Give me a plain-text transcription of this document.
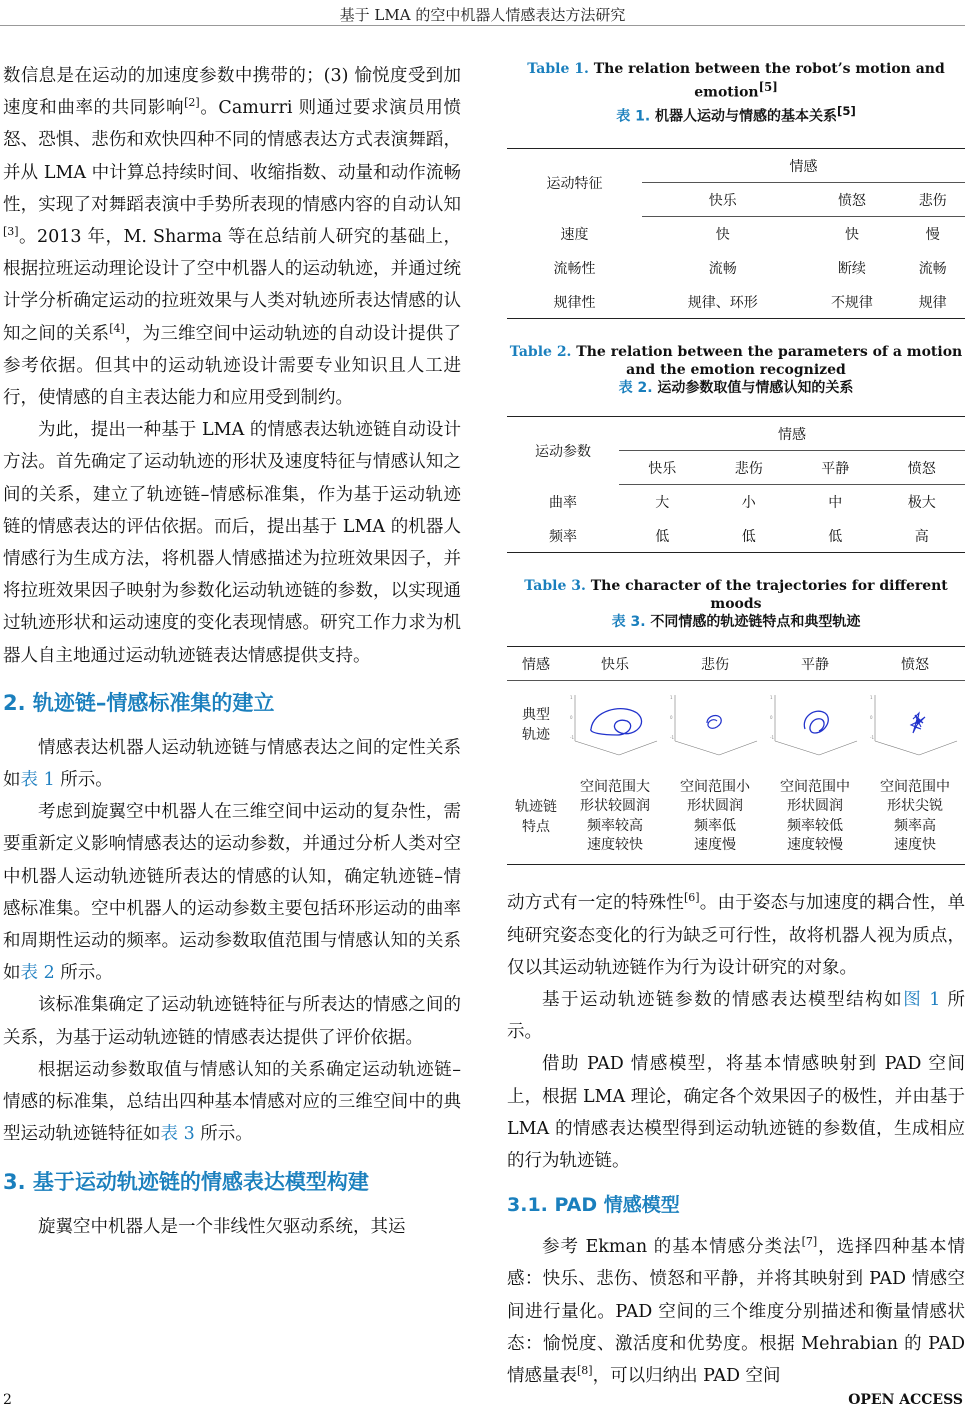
基于 LMA 的空中机器人情感表达方法研究

数信息是在运动的加速度参数中携带的；(3) 愉悦度受到加速度和曲率的共同影响[2]。Camurri 则通过要求演员用愤怒、恐惧、悲伤和欢快四种不同的情感表达方式表演舞蹈，并从 LMA 中计算总持续时间、收缩指数、动量和动作流畅性，实现了对舞蹈表演中手势所表现的情感内容的自动认知[3]。2013 年，M. Sharma 等在总结前人研究的基础上，根据拉班运动理论设计了空中机器人的运动轨迹，并通过统计学分析确定运动的拉班效果与人类对轨迹所表达情感的认知之间的关系[4]，为三维空间中运动轨迹的自动设计提供了参考依据。但其中的运动轨迹设计需要专业知识且人工进行，使情感的自主表达能力和应用受到制约。

为此，提出一种基于 LMA 的情感表达轨迹链自动设计方法。首先确定了运动轨迹的形状及速度特征与情感认知之间的关系，建立了轨迹链–情感标准集，作为基于运动轨迹链的情感表达的评估依据。而后，提出基于 LMA 的机器人情感行为生成方法，将机器人情感描述为拉班效果因子，并将拉班效果因子映射为参数化运动轨迹链的参数，以实现通过轨迹形状和运动速度的变化表现情感。研究工作力求为机器人自主地通过运动轨迹链表达情感提供支持。

2. 轨迹链–情感标准集的建立

情感表达机器人运动轨迹链与情感表达之间的定性关系如表 1 所示。

考虑到旋翼空中机器人在三维空间中运动的复杂性，需要重新定义影响情感表达的运动参数，并通过分析人类对空中机器人运动轨迹链所表达的情感的认知，确定轨迹链–情感标准集。空中机器人的运动参数主要包括环形运动的曲率和周期性运动的频率。运动参数取值范围与情感认知的关系如表 2 所示。

该标准集确定了运动轨迹链特征与所表达的情感之间的关系，为基于运动轨迹链的情感表达提供了评价依据。

根据运动参数取值与情感认知的关系确定运动轨迹链–情感的标准集，总结出四种基本情感对应的三维空间中的典型运动轨迹链特征如表 3 所示。

3. 基于运动轨迹链的情感表达模型构建

旋翼空中机器人是一个非线性欠驱动系统，其运

Table 1. The relation between the robot’s motion and emotion[5]
表 1. 机器人运动与情感的基本关系[5]
运动特征	情感		
	快乐	愤怒	悲伤
速度	快	快	慢
流畅性	流畅	断续	流畅
规律性	规律、环形	不规律	规律
Table 2. The relation between the parameters of a motion and the emotion recognized
表 2. 运动参数取值与情感认知的关系
运动参数	情感			
	快乐	悲伤	平静	愤怒
曲率	大	小	中	极大
频率	低	低	低	高
Table 3. The character of the trajectories for different moods
表 3. 不同情感的轨迹链特点和典型轨迹
情感	快乐	悲伤	平静	愤怒
典型
轨迹	1
0
-1	1
0
-1	1
0
-1	1
0
-1

轨迹链
特点	空间范围大
形状较圆润
频率较高
速度较快	空间范围小
形状圆润
频率低
速度慢	空间范围中
形状圆润
频率较低
速度较慢	空间范围中
形状尖锐
频率高
速度快

动方式有一定的特殊性[6]。由于姿态与加速度的耦合性，单纯研究姿态变化的行为缺乏可行性，故将机器人视为质点，仅以其运动轨迹链作为行为设计研究的对象。

基于运动轨迹链参数的情感表达模型结构如图 1 所示。

借助 PAD 情感模型，将基本情感映射到 PAD 空间上，根据 LMA 理论，确定各个效果因子的极性，并由基于 LMA 的情感表达模型得到运动轨迹链的参数值，生成相应的行为轨迹链。

3.1. PAD 情感模型

参考 Ekman 的基本情感分类法[7]，选择四种基本情感：快乐、悲伤、愤怒和平静，并将其映射到 PAD 情感空间进行量化。PAD 空间的三个维度分别描述和衡量情感状态：愉悦度、激活度和优势度。根据 Mehrabian 的 PAD 情感量表[8]，可以归纳出 PAD 空间

2	OPEN ACCESS
